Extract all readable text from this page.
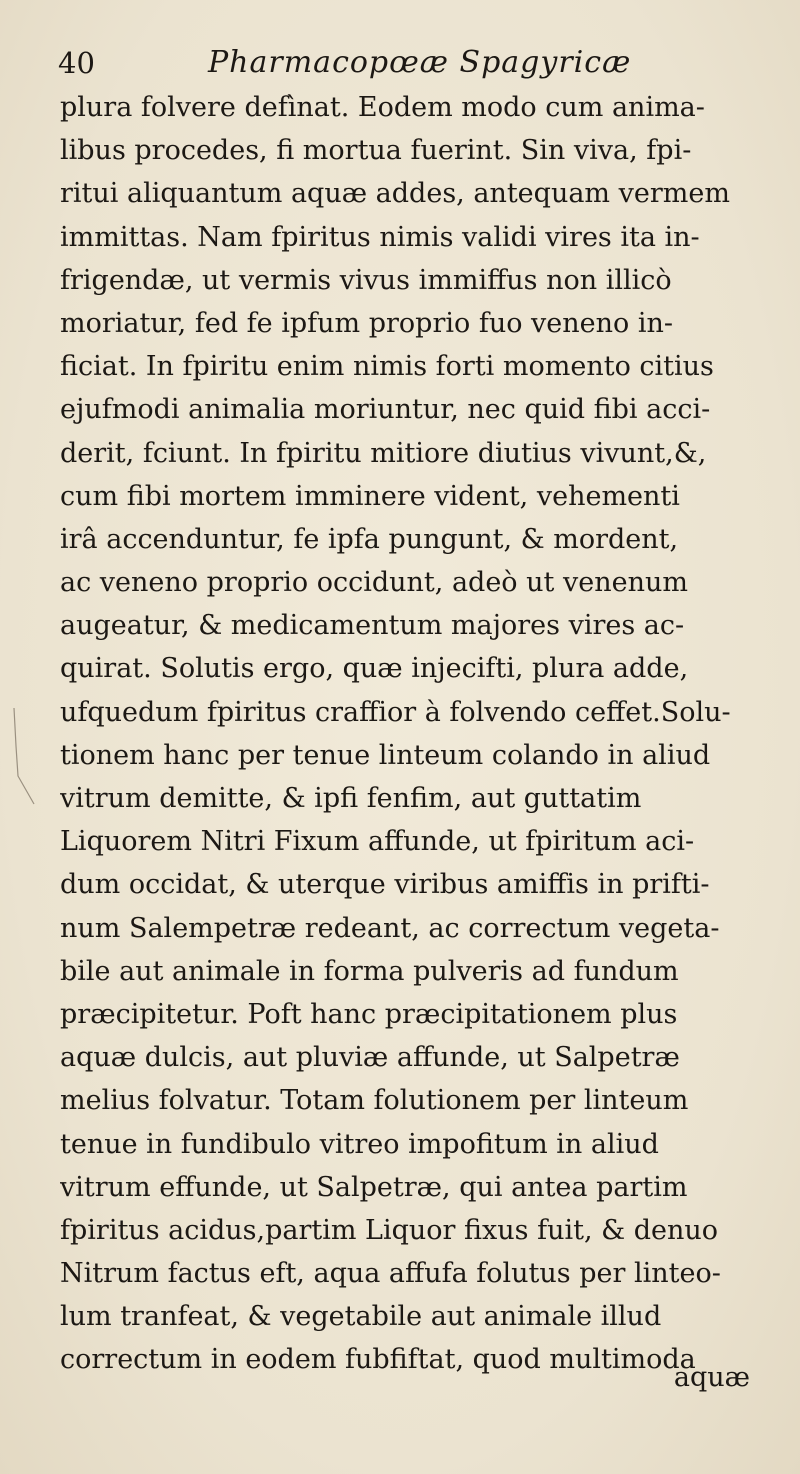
40	Pharmacopœæ Spagyricæ
plura folvere defìnat. Eodem modo cum anima-
libus procedes, fi mortua fuerint. Sin viva, fpi-
ritui aliquantum aquæ addes, antequam vermem
immittas. Nam fpiritus nimis validi vires ita in-
frigendæ, ut vermis vivus immiffus non illicò
moriatur, fed fe ipfum proprio fuo veneno in-
ficiat. In fpiritu enim nimis forti momento citius
ejufmodi animalia moriuntur, nec quid fibi acci-
derit, fciunt. In fpiritu mitiore diutius vivunt,&,
cum fibi mortem imminere vident, vehementi
irâ accenduntur, fe ipfa pungunt, & mordent,
ac veneno proprio occidunt, adeò ut venenum
augeatur, & medicamentum majores vires ac-
quirat. Solutis ergo, quæ injecifti, plura adde,
ufquedum fpiritus craffior à folvendo ceffet.Solu-
tionem hanc per tenue linteum colando in aliud
vitrum demitte, & ipfi fenfim, aut guttatim
Liquorem Nitri Fixum affunde, ut fpiritum aci-
dum occidat, & uterque viribus amiffis in prifti-
num Salempetræ redeant, ac correctum vegeta-
bile aut animale in forma pulveris ad fundum
præcipitetur. Poft hanc præcipitationem plus
aquæ dulcis, aut pluviæ affunde, ut Salpetræ
melius folvatur. Totam folutionem per linteum
tenue in fundibulo vitreo impofitum in aliud
vitrum effunde, ut Salpetræ, qui antea partim
fpiritus acidus,partim Liquor fixus fuit, & denuo
Nitrum factus eft, aqua affufa folutus per linteo-
lum tranfeat, & vegetabile aut animale illud
correctum in eodem fubfiftat, quod multimoda
aquæ
